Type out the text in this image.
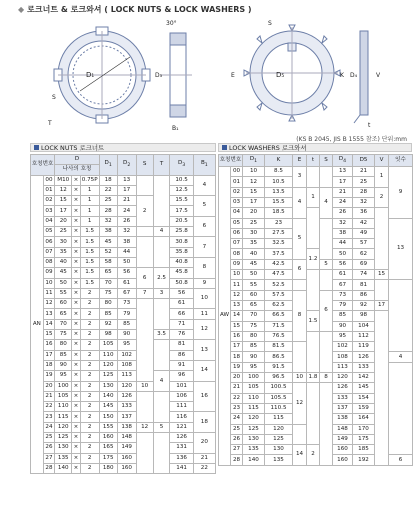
◆ 로크너트 & 로크와셔 ( LOCK NUTS & LOCK WASHERS )
D₁
30°
D₃
B₁
S
T
D₅
S
K
E	D₄	V
t
(KS B 2045, JIS B 1555 참조) 단위:mm
LOCK NUTS 로크너트	LOCK WASHERS 로크와셔
호칭번호		D			$D_1$	$D_2$	S	T	$D_3$	$B_1$
		나사의 호칭								
AN	00	M10	×	0.75P	18	13			10.5	4
	01	12	×	1	22	17			12.5	
	02	15	×	1	25	21	2		15.5	5
	03	17	×	1	28	24			17.5	
	04	20	×	1	32	26			20.5	6
	05	25	×	1.5	38	32		4	25.8	
	06	30	×	1.5	45	38			30.8	7
	07	35	×	1.5	52	44			35.8	
	08	40	×	1.5	58	50			40.8	8
	09	45	×	1.5	65	56	6	2.5	45.8	
	10	50	×	1.5	70	61			50.8	9
	11	55	×	2	75	67	7	3	56	10
	12	60	×	2	80	73			61	
	13	65	×	2	85	79			66	11
	14	70	×	2	92	85			71	12
	15	75	×	2	98	90		3.5	76	
	16	80	×	2	105	95			81	13
	17	85	×	2	110	102			86	
	18	90	×	2	120	108			91	14
	19	95	×	2	125	113		4	96	
	20	100	×	2	130	120	10		101	16
	21	105	×	2	140	126			106	
	22	110	×	2	145	133			111	
	23	115	×	2	150	137			116	18
	24	120	×	2	155	138	12	5	121	
	25	125	×	2	160	148			126	20
	26	130	×	2	165	149			131	
	27	135	×	2	175	160			136	21
	28	140	×	2	180	160			141	22
호칭번호		$D_1$	K	E	t	S	$D_4$	D5	V	잇수
AW	00	10	8.5	3			13	21	1	9
	01	12	10.5				17	25		
	02	15	13.5	4	1	4	21	28	2	
	03	17	15.5				24	32		
	04	20	18.5				26	36		
	05	25	23	5			32	42		13
	06	30	27.5				38	49		
	07	35	32.5				44	57		
	08	40	37.5		1.2		50	62		
	09	45	42.5	6		5	56	69		
	10	50	47.5				61	74	15	
	11	55	52.5				67	81		
	12	60	57.5	8		6	73	86		
	13	65	62.5				79	92	17	
	14	70	66.5		1.5		85	98		
	15	75	71.5				90	104		
	16	80	76.5				95	112		
	17	85	81.5				102	119		
	18	90	86.5				108	126		4
	19	95	91.5				113	133		
	20	100	96.5	10	1.8	8	120	142		
	21	105	100.5	12			126	145		
	22	110	105.5				133	154		
	23	115	110.5				137	159		
	24	120	115				138	164		
	25	125	120				148	170		
	26	130	125				149	175		
	27	135	130	14	2		160	185		
	28	140	135				160	192		6
